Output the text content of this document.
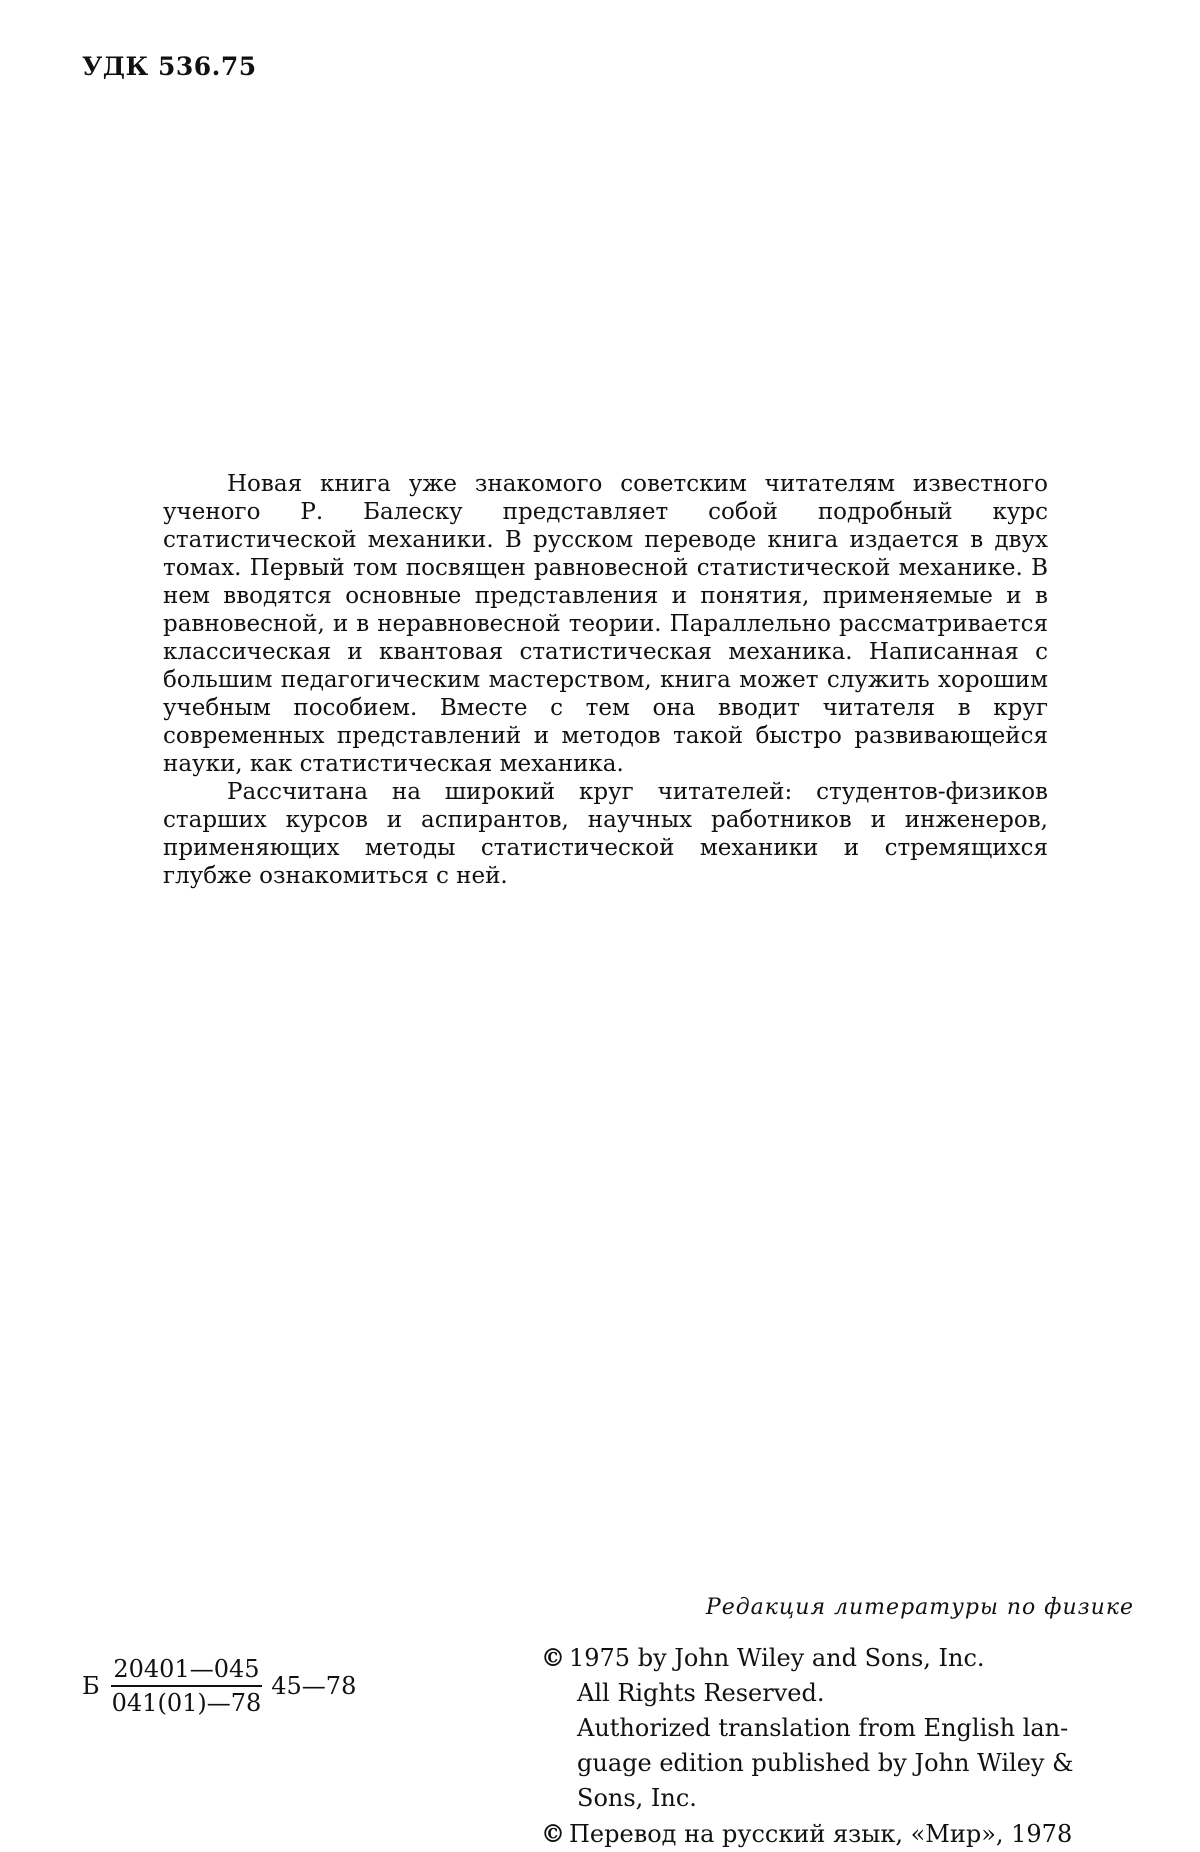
УДК 536.75

Новая книга уже знакомого советским читателям известного ученого Р. Балеску представляет собой подробный курс статистической механики. В русском переводе книга издается в двух томах. Первый том посвящен равновесной статистической механике. В нем вводятся основные представления и понятия, применяемые и в равновесной, и в неравновесной теории. Параллельно рассматривается классическая и квантовая статистическая механика. Написанная с большим педагогическим мастерством, книга может служить хорошим учебным пособием. Вместе с тем она вводит читателя в круг современных представлений и методов такой быстро развивающейся науки, как статистическая механика.

Рассчитана на широкий круг читателей: студентов-физиков старших курсов и аспирантов, научных работников и инженеров, применяющих методы статистической механики и стремящихся глубже ознакомиться с ней.

Редакция литературы по физике
© 1975 by John Wiley and Sons, Inc.
All Rights Reserved.
Authorized translation from English lan-
guage edition published by John Wiley &
Sons, Inc.
© Перевод на русский язык, «Мир», 1978
Б $\frac{20401—045}{041(01)—78}$ 45—78
